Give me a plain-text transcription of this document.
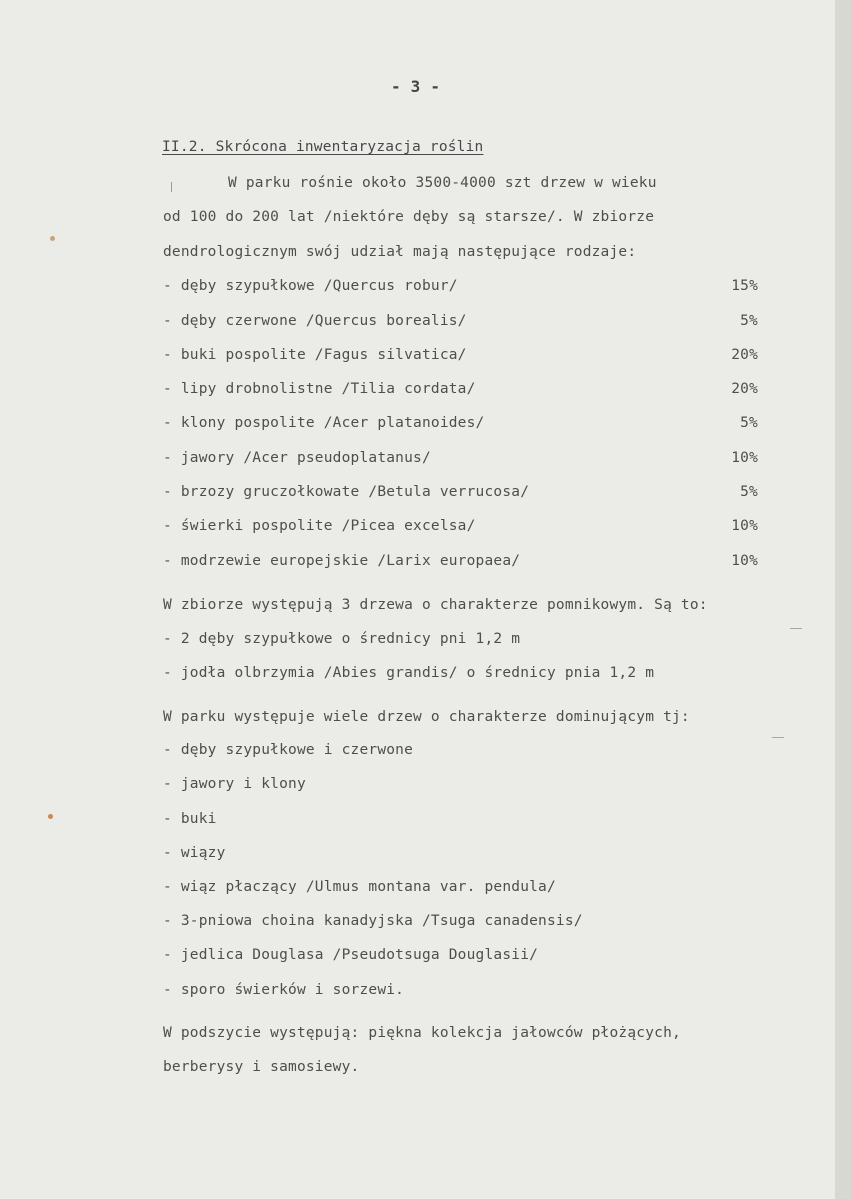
- 3 -
II.2. Skrócona inwentaryzacja roślin
W parku rośnie około 3500-4000 szt drzew w wieku
od 100 do 200 lat /niektóre dęby są starsze/. W zbiorze
dendrologicznym swój udział mają następujące rodzaje:
- dęby szypułkowe /Quercus robur/	15%
- dęby czerwone /Quercus borealis/	5%
- buki pospolite /Fagus silvatica/	20%
- lipy drobnolistne /Tilia cordata/	20%
- klony pospolite /Acer platanoides/	5%
- jawory /Acer pseudoplatanus/	10%
- brzozy gruczołkowate /Betula verrucosa/	5%
- świerki pospolite /Picea excelsa/	10%
- modrzewie europejskie /Larix europaea/	10%
W zbiorze występują 3 drzewa o charakterze pomnikowym. Są to:
- 2 dęby szypułkowe o średnicy pni 1,2 m
- jodła olbrzymia /Abies grandis/ o średnicy pnia 1,2 m
W parku występuje wiele drzew o charakterze dominującym tj:
- dęby szypułkowe i czerwone
- jawory i klony
- buki
- wiązy
- wiąz płaczący /Ulmus montana var. pendula/
- 3-pniowa choina kanadyjska /Tsuga canadensis/
- jedlica Douglasa /Pseudotsuga Douglasii/
- sporo świerków i sorzewi.
W podszycie występują: piękna kolekcja jałowców płożących,
berberysy i samosiewy.
